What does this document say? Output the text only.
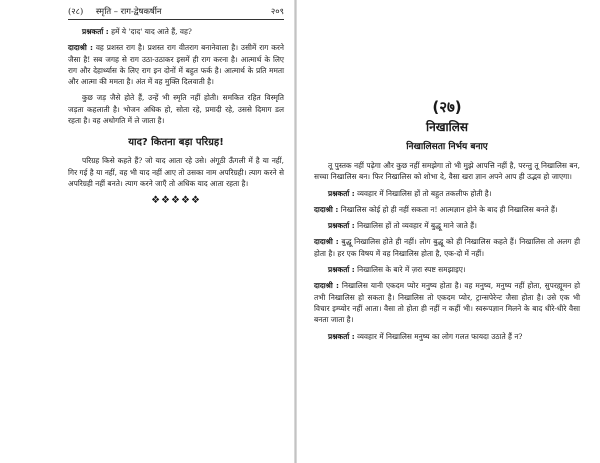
(२८) स्मृति – राग-द्वेषकर्षीन	२०९

प्रश्नकर्ता : हमें ये 'दाद' याद आते हैं, वह?

दादाश्री : वह प्रशस्त राग है। प्रशस्त राग वीतराग बनानेवाला है। उसीमें राग करने जैसा है! सब जगह से राग उठा-उठाकर इसमें ही राग करना है। आत्मार्थ के लिए राग और देहार्थ्यास के लिए राग इन दोनों में बहुत फर्क है। आत्मार्थ के प्रति ममता और आत्मा की ममता है। अंत में वह मुक्ति दिलवाती है।

कुछ जड़ जैसे होते हैं, उन्हें भी स्मृति नहीं होती। समकित रहित विस्मृति जड़ता कहलाती है। भोजन अधिक हो, सोता रहे, प्रमादी रहे, उससे दिमाग डल रहता है। वह अधोगति में ले जाता है।

याद? कितना बड़ा परिग्रह!

परिग्रह किसे कहते हैं? जो याद आता रहे उसे। अंगूठी ऊँगली में है या नहीं, गिर गई है या नहीं, वह भी याद नहीं आए तो उसका नाम अपरिग्रही। त्याग करने से अपरिग्रही नहीं बनते। त्याग करने जाएँ तो अधिक याद आता रहता है।

❖❖❖❖❖
(२७)
निखालिस
निखालिसता निर्भय बनाए

तू पुस्तक नहीं पढ़ेगा और कुछ नहीं समझेगा तो भी मुझे आपत्ति नहीं है, परन्तु तू निखालिस बन, सच्चा निखालिस बन। फिर निखालिस को शोभा दे, वैसा खरा ज्ञान अपने आप ही उद्भव हो जाएगा।

प्रश्नकर्ता : व्यवहार में निखालिस हों तो बहुत तकलीफ होती है।

दादाश्री : निखालिस कोई हो ही नहीं सकता न! आत्मज्ञान होने के बाद ही निखालिस बनते हैं।

प्रश्नकर्ता : निखालिस हों तो व्यवहार में बुद्धू माने जाते हैं।

दादाश्री : बुद्धू निखालिस होते ही नहीं। लोग बुद्धू को ही निखालिस कहते हैं। निखालिस तो अलग ही होता है। हर एक विषय में वह निखालिस होता है, एक-दो में नहीं।

प्रश्नकर्ता : निखालिस के बारे में ज़रा स्पष्ट समझाइए।

दादाश्री : निखालिस यानी एकदम प्योर मनुष्य होता है। वह मनुष्य, मनुष्य नहीं होता, सुपरह्यूमन हो तभी निखालिस हो सकता है। निखालिस तो एकदम प्योर, ट्रान्सपेरेन्ट जैसा होता है। उसे एक भी विचार इम्प्योर नहीं आता। वैसा तो होता ही नहीं न कहीं भी। स्वरूपज्ञान मिलने के बाद धीरे-धीरे वैसा बनता जाता है।

प्रश्नकर्ता : व्यवहार में निखालिस मनुष्य का लोग गलत फायदा उठाते हैं न?
